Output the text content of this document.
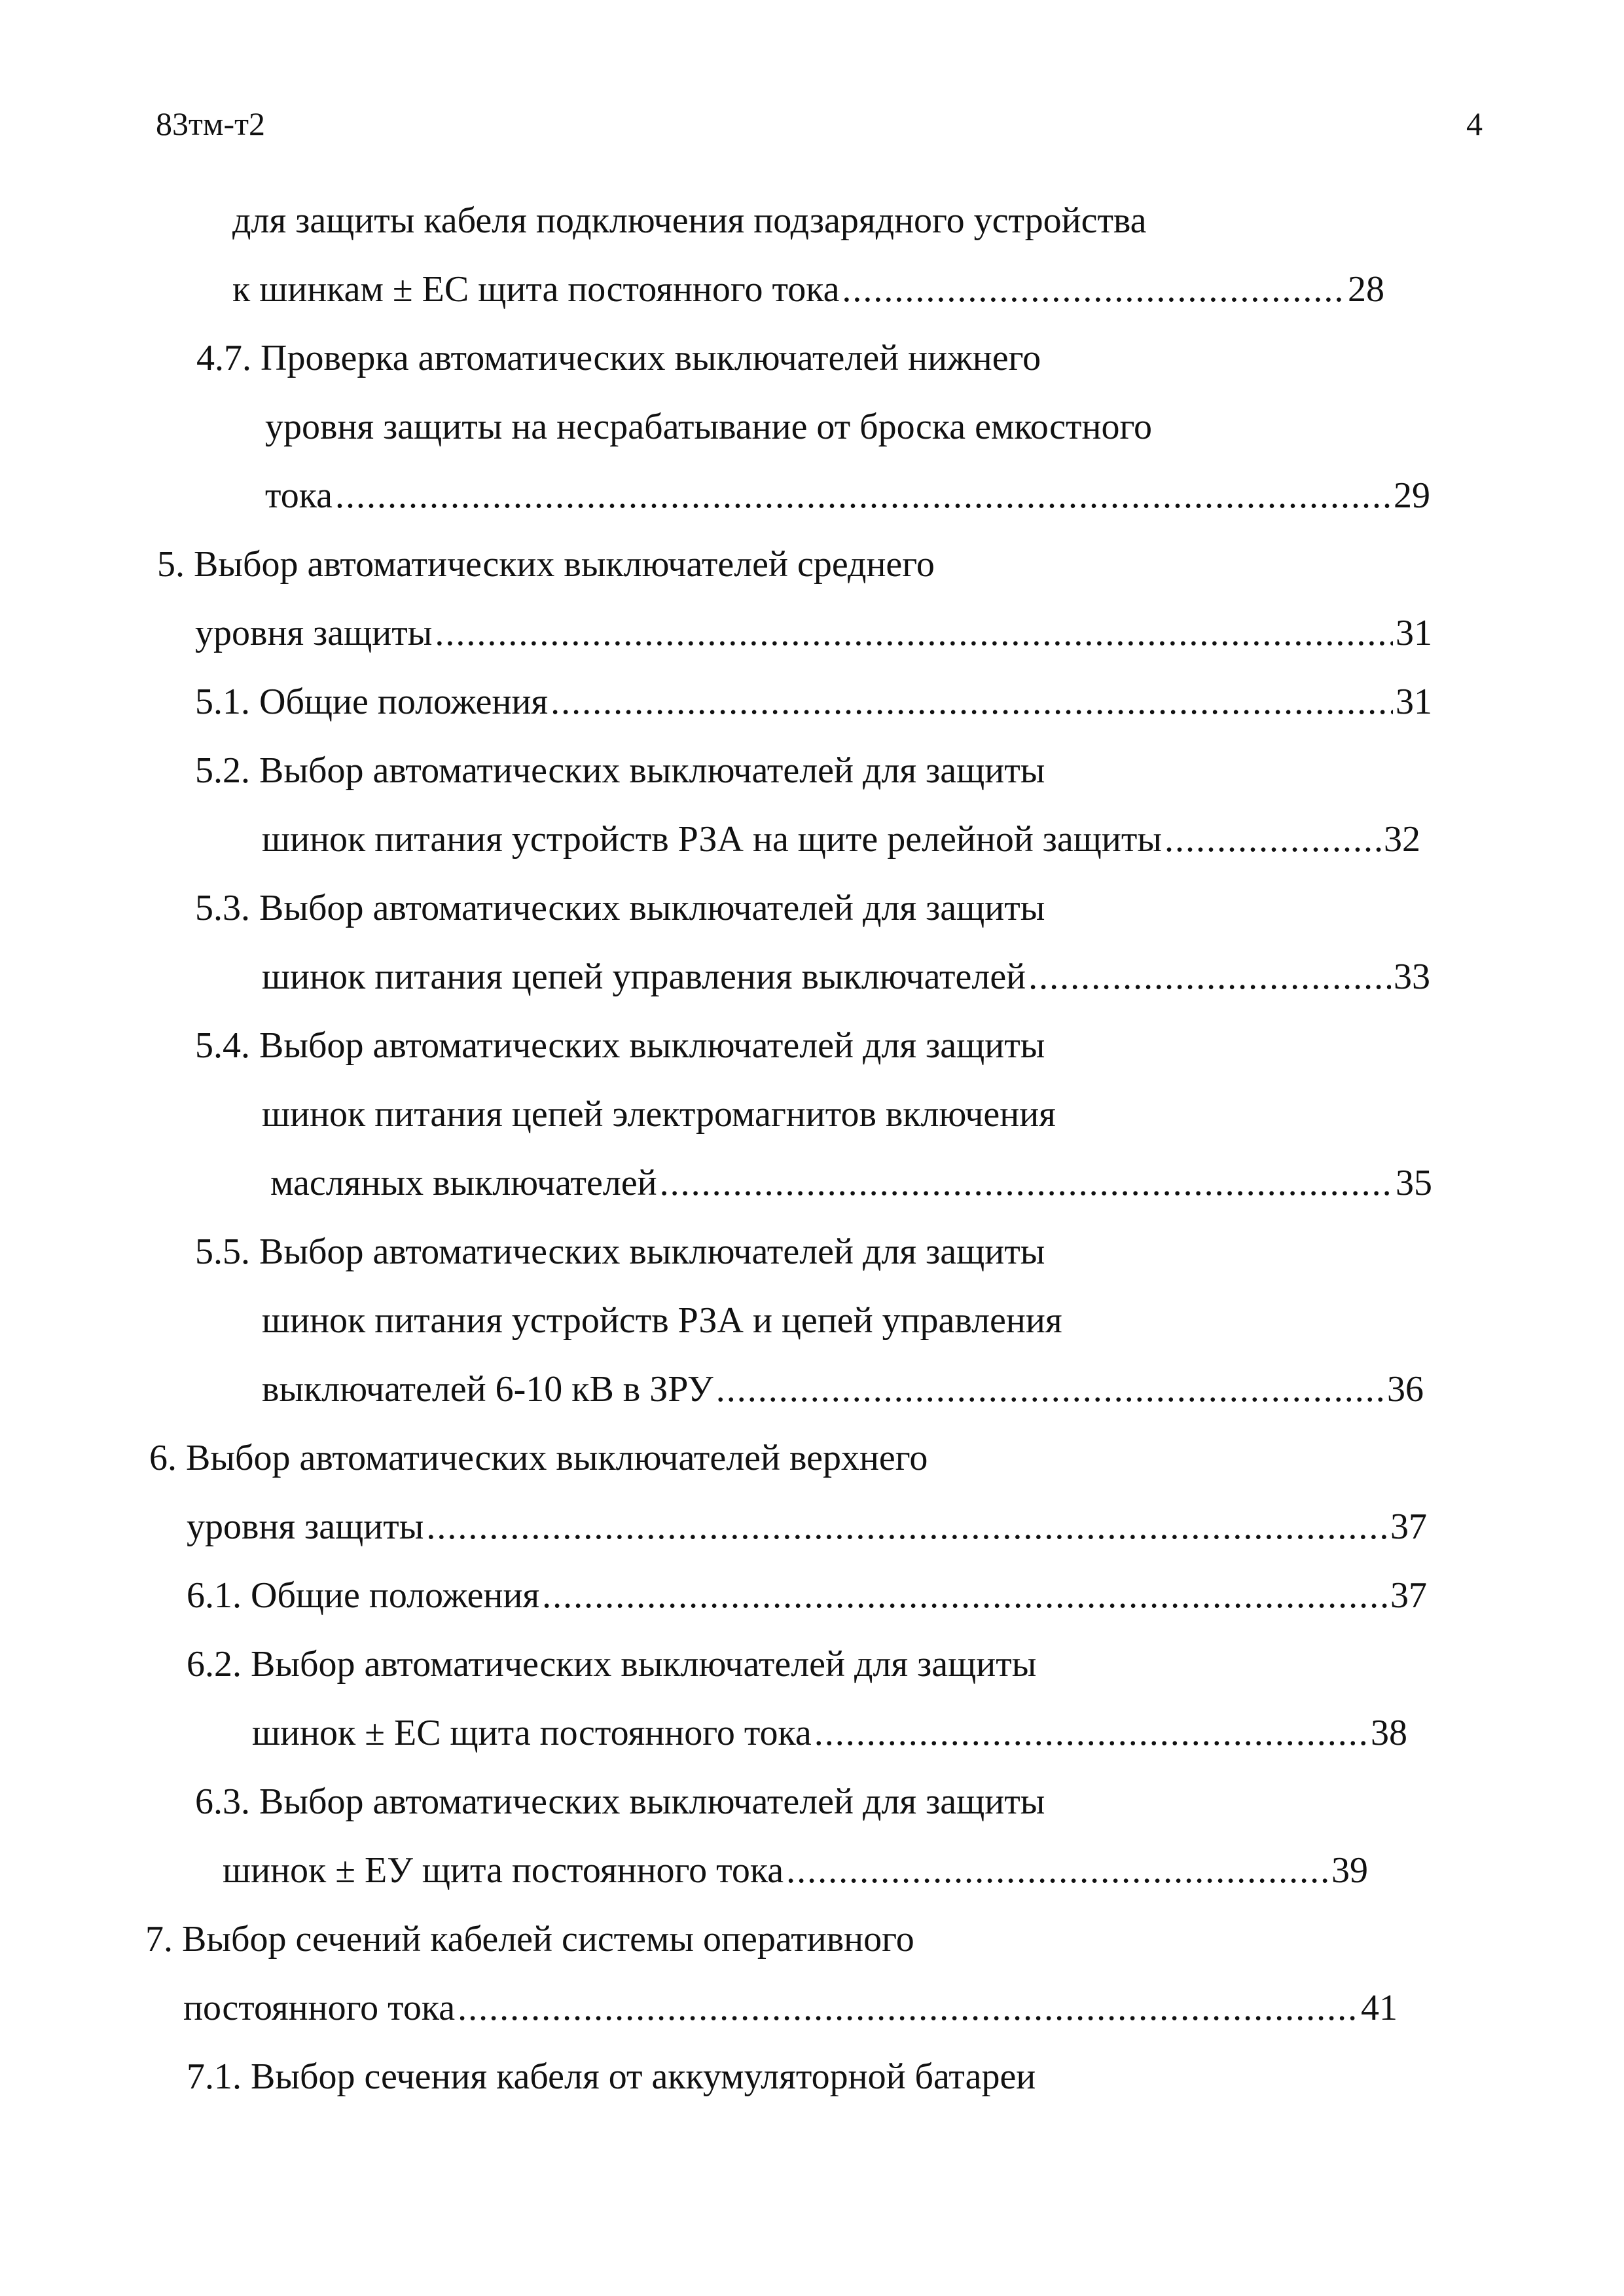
83тм-т2	4
для защиты кабеля подключения подзарядного устройства
к шинкам ± ЕС щита постоянного тока .....	28
4.7. Проверка автоматических выключателей нижнего
уровня защиты на несрабатывание от броска емкостного
тока .....	29
5. Выбор автоматических выключателей среднего
уровня защиты .....	31
5.1. Общие положения .....	31
5.2. Выбор автоматических выключателей для защиты
шинок питания устройств РЗА на щите релейной защиты .....	32
5.3. Выбор автоматических выключателей для защиты
шинок питания цепей управления выключателей .....	33
5.4. Выбор автоматических выключателей для защиты
шинок питания цепей электромагнитов включения
масляных выключателей .....	35
5.5. Выбор автоматических выключателей для защиты
шинок питания устройств РЗА и цепей управления
выключателей 6-10 кВ в ЗРУ .....	36
6. Выбор автоматических выключателей верхнего
уровня защиты .....	37
6.1. Общие положения .....	37
6.2. Выбор автоматических выключателей для защиты
шинок ± ЕС щита постоянного тока .....	38
6.3. Выбор автоматических выключателей для защиты
шинок ± ЕУ щита постоянного тока .....	39
7. Выбор сечений кабелей системы оперативного
постоянного тока .....	41
7.1. Выбор сечения кабеля от аккумуляторной батареи
